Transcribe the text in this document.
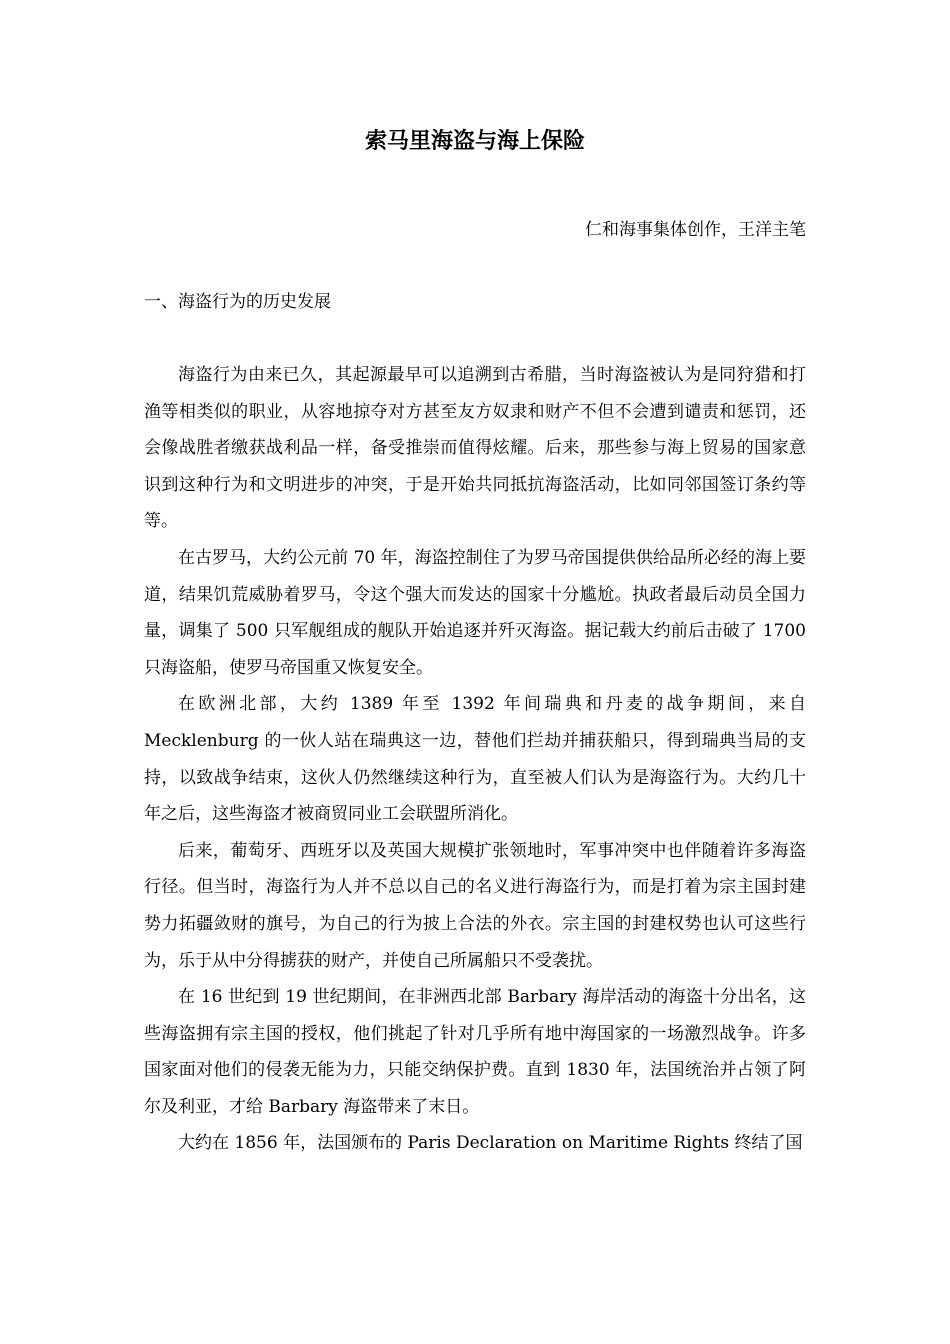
索马里海盗与海上保险
仁和海事集体创作，王洋主笔
一、海盗行为的历史发展

海盗行为由来已久，其起源最早可以追溯到古希腊，当时海盗被认为是同狩猎和打渔等相类似的职业，从容地掠夺对方甚至友方奴隶和财产不但不会遭到谴责和惩罚，还会像战胜者缴获战利品一样，备受推崇而值得炫耀。后来，那些参与海上贸易的国家意识到这种行为和文明进步的冲突，于是开始共同抵抗海盗活动，比如同邻国签订条约等等。

在古罗马，大约公元前 70 年，海盗控制住了为罗马帝国提供供给品所必经的海上要道，结果饥荒威胁着罗马，令这个强大而发达的国家十分尴尬。执政者最后动员全国力量，调集了 500 只军舰组成的舰队开始追逐并歼灭海盗。据记载大约前后击破了 1700 只海盗船，使罗马帝国重又恢复安全。

在欧洲北部，大约 1389 年至 1392 年间瑞典和丹麦的战争期间，来自 Mecklenburg 的一伙人站在瑞典这一边，替他们拦劫并捕获船只，得到瑞典当局的支持，以致战争结束，这伙人仍然继续这种行为，直至被人们认为是海盗行为。大约几十年之后，这些海盗才被商贸同业工会联盟所消化。

后来，葡萄牙、西班牙以及英国大规模扩张领地时，军事冲突中也伴随着许多海盗行径。但当时，海盗行为人并不总以自己的名义进行海盗行为，而是打着为宗主国封建势力拓疆敛财的旗号，为自己的行为披上合法的外衣。宗主国的封建权势也认可这些行为，乐于从中分得掳获的财产，并使自己所属船只不受袭扰。

在 16 世纪到 19 世纪期间，在非洲西北部 Barbary 海岸活动的海盗十分出名，这些海盗拥有宗主国的授权，他们挑起了针对几乎所有地中海国家的一场激烈战争。许多国家面对他们的侵袭无能为力，只能交纳保护费。直到 1830 年，法国统治并占领了阿尔及利亚，才给 Barbary 海盗带来了末日。

大约在 1856 年，法国颁布的 Paris Declaration on Maritime Rights 终结了国
